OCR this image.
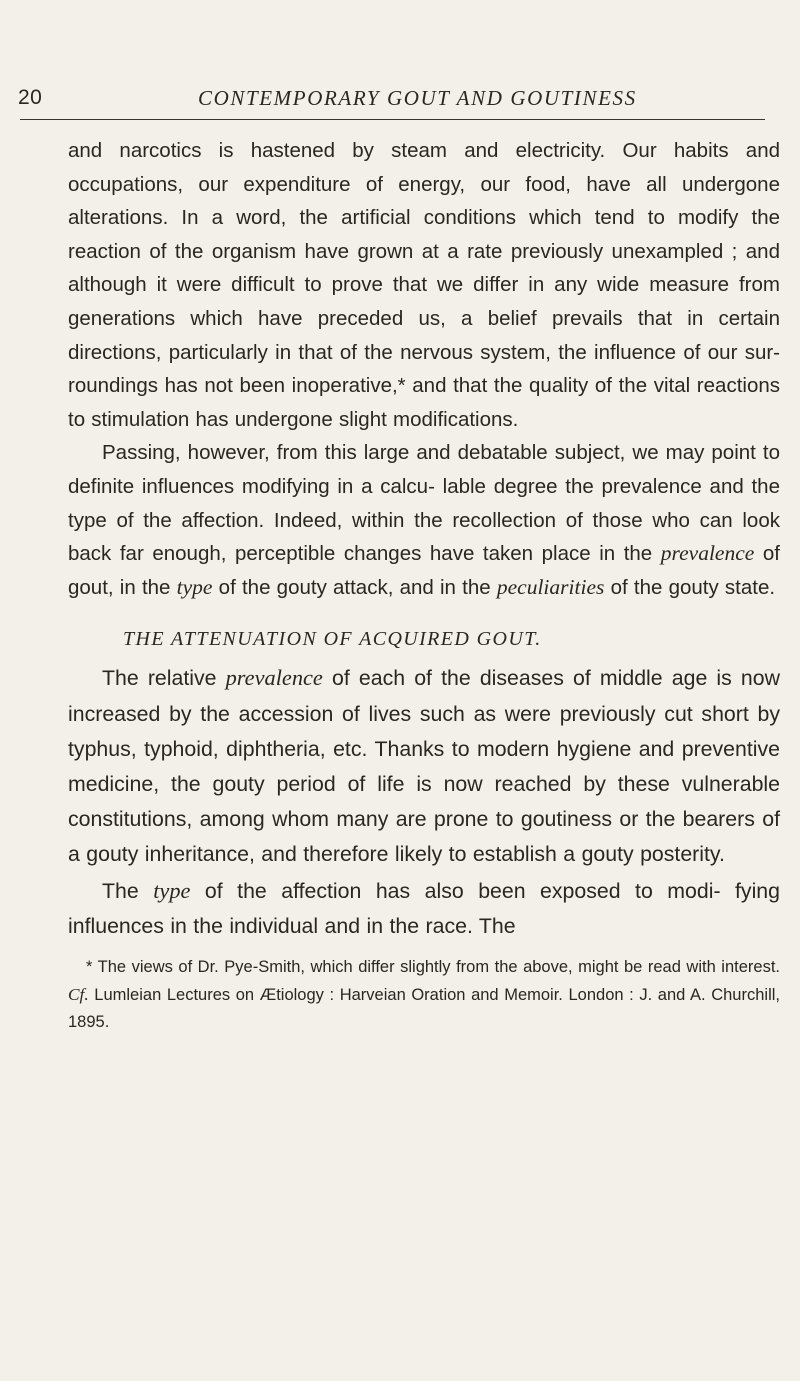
20	CONTEMPORARY GOUT AND GOUTINESS

and narcotics is hastened by steam and electricity. Our habits and occupations, our expenditure of energy, our food, have all undergone alterations. In a word, the artificial conditions which tend to modify the reaction of the organism have grown at a rate previously unexampled ; and although it were difficult to prove that we differ in any wide measure from generations which have preceded us, a belief prevails that in certain directions, particularly in that of the nervous system, the influence of our sur- roundings has not been inoperative,* and that the quality of the vital reactions to stimulation has undergone slight modifications.

Passing, however, from this large and debatable subject, we may point to definite influences modifying in a calcu- lable degree the prevalence and the type of the affection. Indeed, within the recollection of those who can look back far enough, perceptible changes have taken place in the prevalence of gout, in the type of the gouty attack, and in the peculiarities of the gouty state.

THE ATTENUATION OF ACQUIRED GOUT.

The relative prevalence of each of the diseases of middle age is now increased by the accession of lives such as were previously cut short by typhus, typhoid, diphtheria, etc. Thanks to modern hygiene and preventive medicine, the gouty period of life is now reached by these vulnerable constitutions, among whom many are prone to goutiness or the bearers of a gouty inheritance, and therefore likely to establish a gouty posterity.

The type of the affection has also been exposed to modi- fying influences in the individual and in the race. The

* The views of Dr. Pye-Smith, which differ slightly from the above, might be read with interest. Cf. Lumleian Lectures on Ætiology : Harveian Oration and Memoir. London : J. and A. Churchill, 1895.
